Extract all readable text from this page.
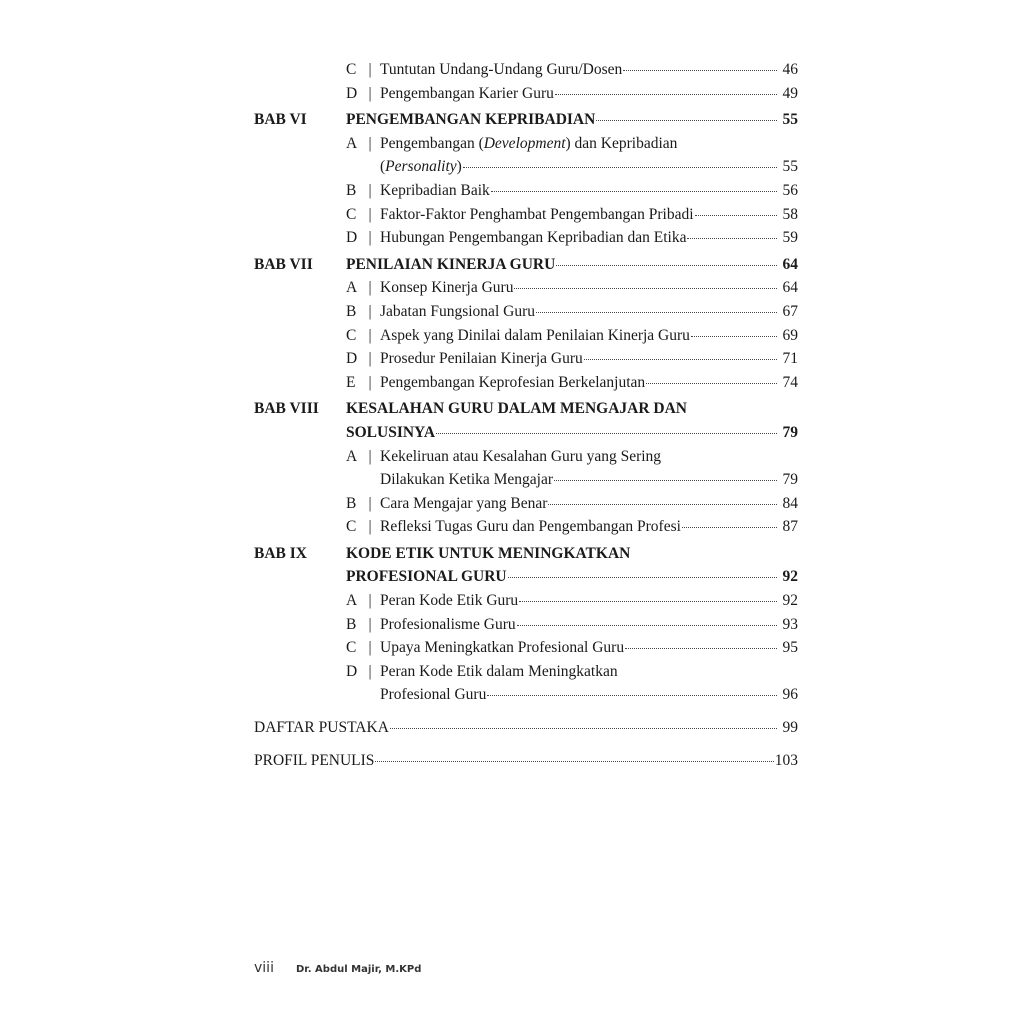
C | Tuntutan Undang-Undang Guru/Dosen	46
D | Pengembangan Karier Guru	49
BAB VI	PENGEMBANGAN KEPRIBADIAN	55
A | Pengembangan (Development) dan Kepribadian
(Personality)	55
B | Kepribadian Baik	56
C | Faktor-Faktor Penghambat Pengembangan Pribadi	58
D | Hubungan Pengembangan Kepribadian dan Etika	59
BAB VII	PENILAIAN KINERJA GURU	64
A | Konsep Kinerja Guru	64
B | Jabatan Fungsional Guru	67
C | Aspek yang Dinilai dalam Penilaian Kinerja Guru	69
D | Prosedur Penilaian Kinerja Guru	71
E | Pengembangan Keprofesian Berkelanjutan	74
BAB VIII	KESALAHAN GURU DALAM MENGAJAR DAN
SOLUSINYA	79
A | Kekeliruan atau Kesalahan Guru yang Sering
Dilakukan Ketika Mengajar	79
B | Cara Mengajar yang Benar	84
C | Refleksi Tugas Guru dan Pengembangan Profesi	87
BAB IX	KODE ETIK UNTUK MENINGKATKAN
PROFESIONAL GURU	92
A | Peran Kode Etik Guru	92
B | Profesionalisme Guru	93
C | Upaya Meningkatkan Profesional Guru	95
D | Peran Kode Etik dalam Meningkatkan
Profesional Guru	96
DAFTAR PUSTAKA	99
PROFIL PENULIS	103
viii Dr. Abdul Majir, M.KPd
